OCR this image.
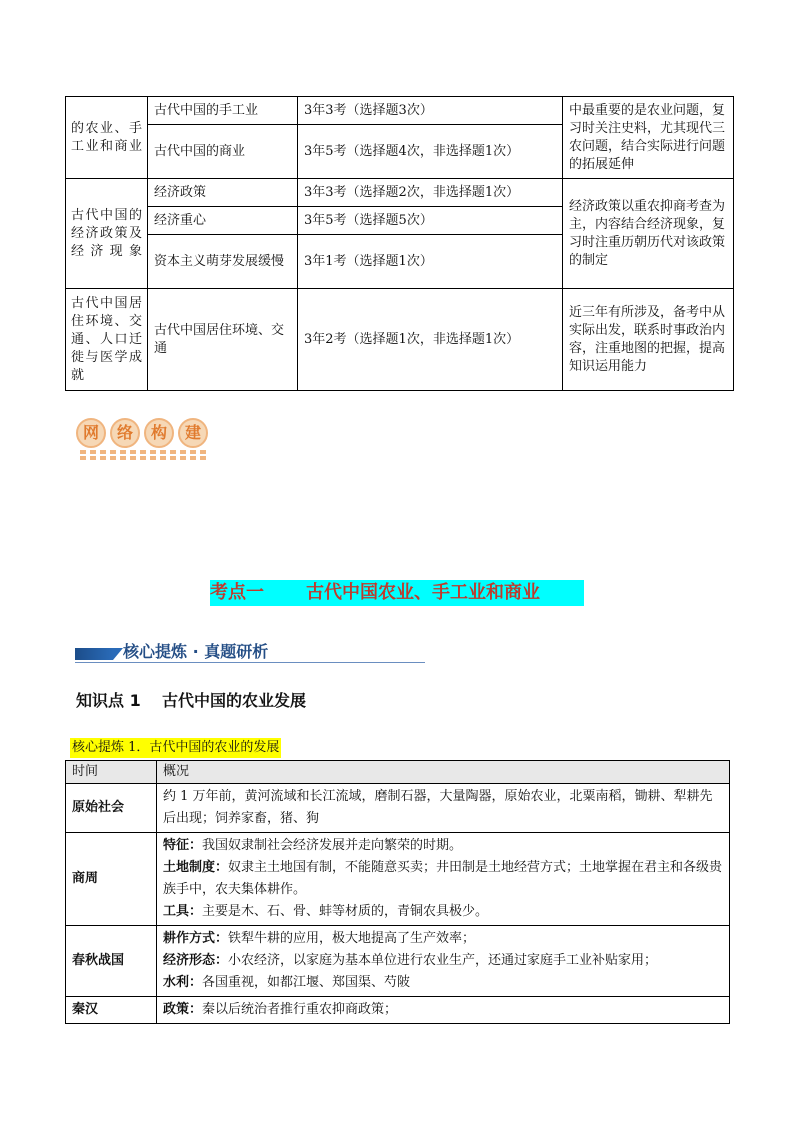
的农业、手工业和商业	古代中国的手工业	3年3考（选择题3次）	中最重要的是农业问题，复习时关注史料，尤其现代三农问题，结合实际进行问题的拓展延伸
	古代中国的商业	3年5考（选择题4次，非选择题1次）	
古代中国的经济政策及经济现象	经济政策	3年3考（选择题2次，非选择题1次）	经济政策以重农抑商考查为主，内容结合经济现象，复习时注重历朝历代对该政策的制定
	经济重心	3年5考（选择题5次）	
	资本主义萌芽发展缓慢	3年1考（选择题1次）	
古代中国居住环境、交通、人口迁徙与医学成就	古代中国居住环境、交通	3年2考（选择题1次，非选择题1次）	近三年有所涉及，备考中从实际出发，联系时事政治内容，注重地图的把握，提高知识运用能力
网	络	构	建
考点一 古代中国农业、手工业和商业
核心提炼 · 真题研析
知识点 1 古代中国的农业发展
核心提炼 1．古代中国的农业的发展
时间	概况
原始社会	约 1 万年前，黄河流域和长江流域，磨制石器，大量陶器，原始农业，北粟南稻，锄耕、犁耕先后出现；饲养家畜，猪、狗
商周	特征：我国奴隶制社会经济发展并走向繁荣的时期。
土地制度：奴隶主土地国有制，不能随意买卖；井田制是土地经营方式；土地掌握在君主和各级贵族手中，农夫集体耕作。
工具：主要是木、石、骨、蚌等材质的，青铜农具极少。

春秋战国	耕作方式：铁犁牛耕的应用，极大地提高了生产效率；
经济形态：小农经济，以家庭为基本单位进行农业生产，还通过家庭手工业补贴家用；
水利：各国重视，如都江堰、郑国渠、芍陂

秦汉	政策：秦以后统治者推行重农抑商政策；
